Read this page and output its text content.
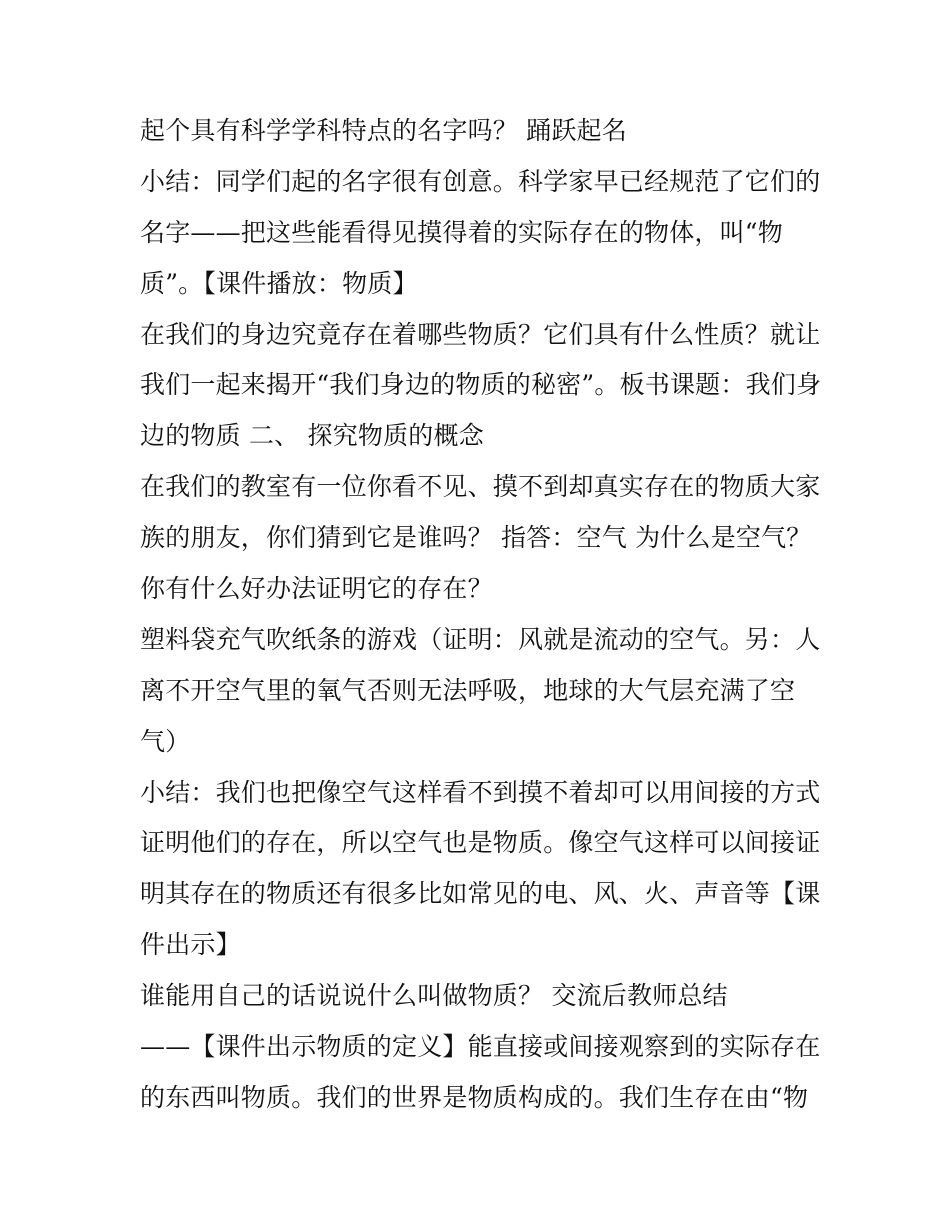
起个具有科学学科特点的名字吗？ 踊跃起名
小结：同学们起的名字很有创意。科学家早已经规范了它们的
名字——把这些能看得见摸得着的实际存在的物体，叫“物
质”。【课件播放：物质】
在我们的身边究竟存在着哪些物质？它们具有什么性质？就让
我们一起来揭开“我们身边的物质的秘密”。板书课题：我们身
边的物质 二、 探究物质的概念
在我们的教室有一位你看不见、摸不到却真实存在的物质大家
族的朋友，你们猜到它是谁吗？ 指答：空气 为什么是空气？
你有什么好办法证明它的存在？
塑料袋充气吹纸条的游戏（证明：风就是流动的空气。另：人
离不开空气里的氧气否则无法呼吸，地球的大气层充满了空
气）
小结：我们也把像空气这样看不到摸不着却可以用间接的方式
证明他们的存在，所以空气也是物质。像空气这样可以间接证
明其存在的物质还有很多比如常见的电、风、火、声音等【课
件出示】
谁能用自己的话说说什么叫做物质？ 交流后教师总结
——【课件出示物质的定义】能直接或间接观察到的实际存在
的东西叫物质。我们的世界是物质构成的。我们生存在由“物
